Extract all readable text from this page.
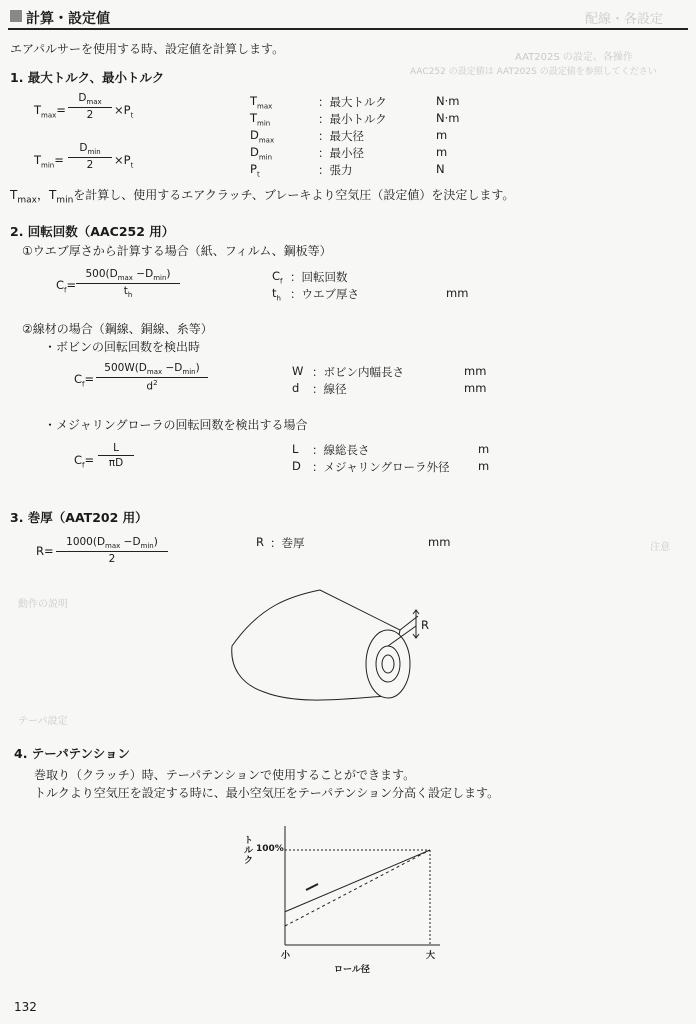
配線・各設定
AAT202S の設定、各操作
AAC252 の設定値は AAT202S の設定値を参照してください
注意
動作の説明
テーパ設定
計算・設定値
エアパルサーを使用する時、設定値を計算します。
1. 最大トルク、最小トルク
$T_{max}=$
$D_{max}$
2	$\times P_t$
$T_{min}=$
$D_{min}$
2	$\times P_t$
$T_{max}$	：最大トルク	N·m
$T_{min}$	：最小トルク	N·m
$D_{max}$	：最大径	m
$D_{min}$	：最小径	m
$P_t$	：張力	N
$T_{max}$，$T_{min}$を計算し、使用するエアクラッチ、ブレーキより空気圧（設定値）を決定します。
2. 回転回数（AAC252 用）
①ウエブ厚さから計算する場合（紙、フィルム、鋼板等）
$C_f=$
$500(D_{max} -D_{min})$
$t_h$
$C_f$ ：回転回数
$t_h$ ：ウエブ厚さ	mm
②線材の場合（鋼線、銅線、糸等）
・ボビンの回転回数を検出時
$C_f=$
$500W(D_{max} -D_{min})$
$d^2$
W ：ボビン内幅長さ	mm
d ：線径	mm
・メジャリングローラの回転回数を検出する場合
$C_f=$
L
πD
L ：線総長さ	m
D ：メジャリングローラ外径 m
3. 巻厚（AAT202 用）
R=
$1000(D_{max} -D_{min})$
2
R ：巻厚	mm
R
4. テーパテンション
巻取り（クラッチ）時、テーパテンションで使用することができます。
トルクより空気圧を設定する時に、最小空気圧をテーパテンション分高く設定します。
トルク
100%
小	大
ロール径
132
